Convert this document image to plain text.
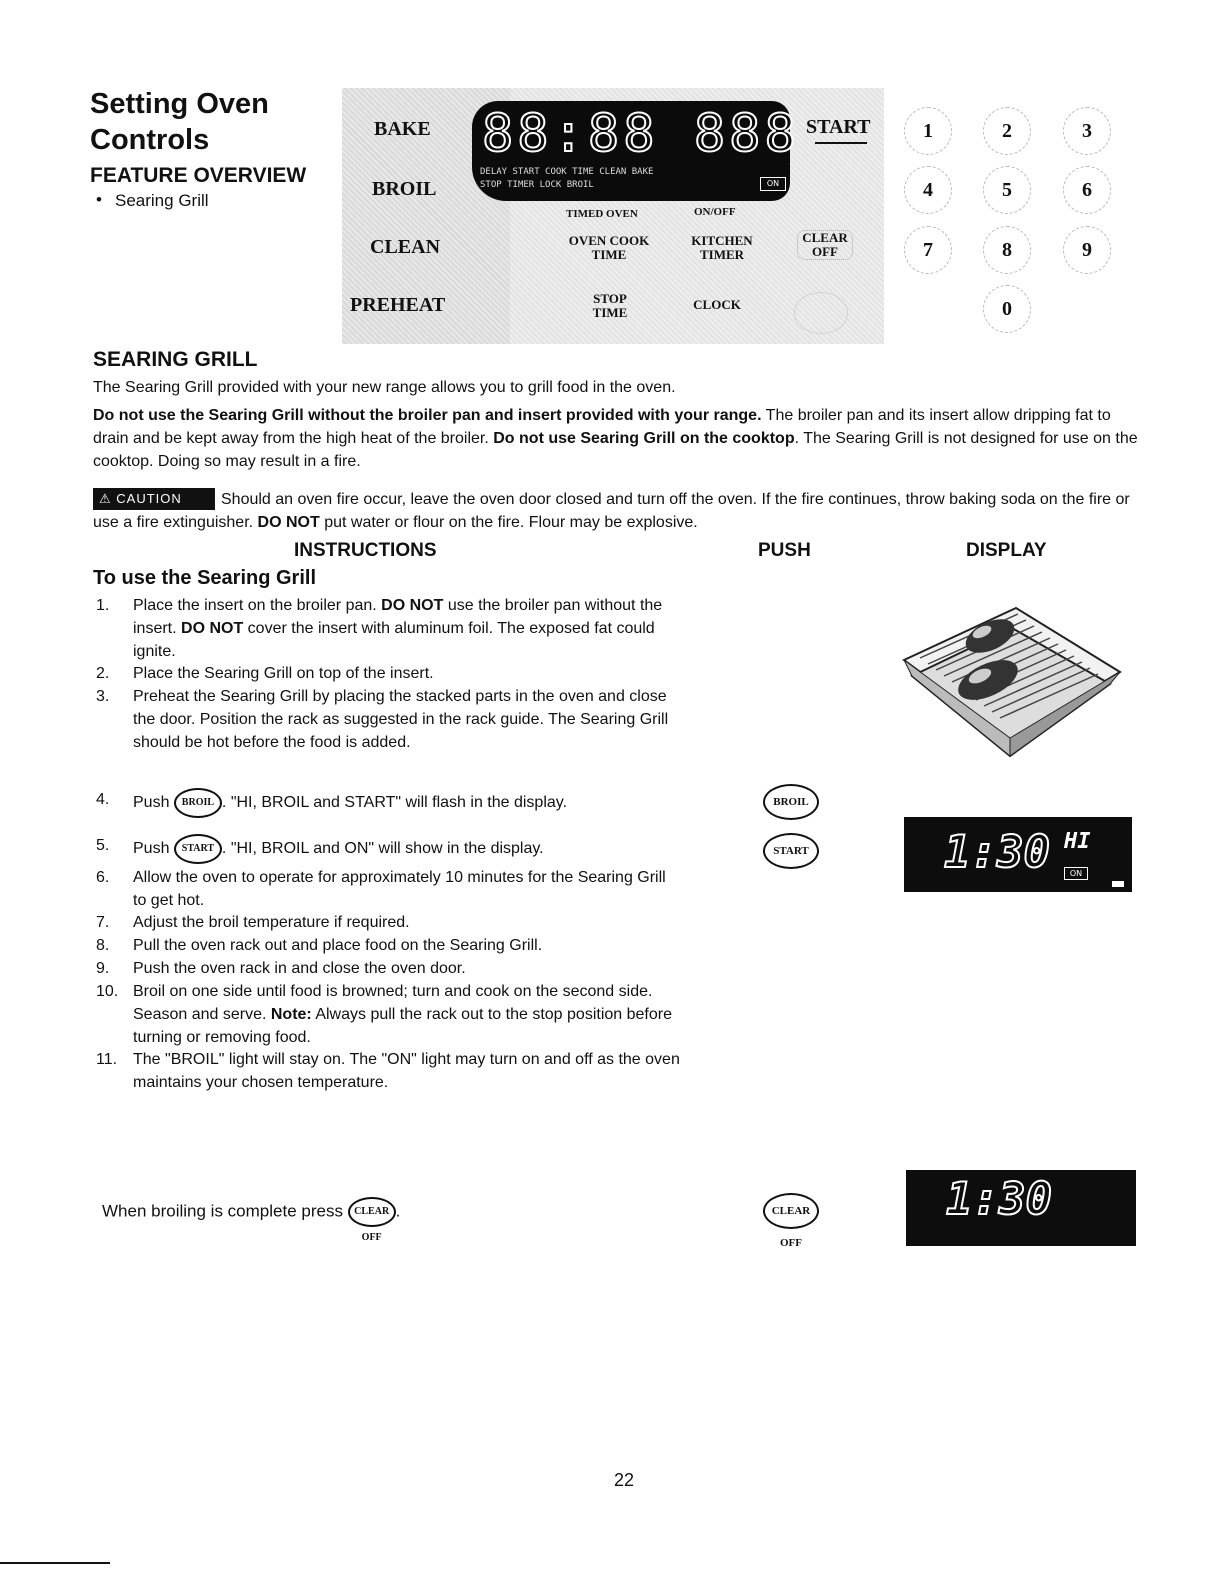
Setting Oven
Controls
FEATURE OVERVIEW
• Searing Grill
BAKE
BROIL
CLEAN
PREHEAT
88:88 888
DELAY START COOK TIME CLEAN BAKE
STOP TIMER LOCK BROIL	ON
START
TIMED OVEN	ON/OFF
OVEN COOK
TIME
KITCHEN
TIMER
CLEAR
OFF
STOP
TIME
CLOCK
1	2	3
4	5	6
7	8	9
0
SEARING GRILL
The Searing Grill provided with your new range allows you to grill food in the oven.
Do not use the Searing Grill without the broiler pan and insert provided with your range. The broiler pan and its insert allow dripping fat to drain and be kept away from the high heat of the broiler. Do not use Searing Grill on the cooktop. The Searing Grill is not designed for use on the cooktop. Doing so may result in a fire.
⚠ CAUTION	Should an oven fire occur, leave the oven door closed and turn off the oven. If the fire continues, throw baking soda on the fire or use a fire extinguisher. DO NOT put water or flour on the fire. Flour may be explosive.
INSTRUCTIONS	PUSH	DISPLAY
To use the Searing Grill
1.	Place the insert on the broiler pan. DO NOT use the broiler pan without the insert. DO NOT cover the insert with aluminum foil. The exposed fat could ignite.
2.	Place the Searing Grill on top of the insert.
3.	Preheat the Searing Grill by placing the stacked parts in the oven and close the door. Position the rack as suggested in the rack guide. The Searing Grill should be hot before the food is added.
4.	Push BROIL . "HI, BROIL and START" will flash in the display.
5.	Push START . "HI, BROIL and ON" will show in the display.
6.	Allow the oven to operate for approximately 10 minutes for the Searing Grill to get hot.
7.	Adjust the broil temperature if required.
8.	Pull the oven rack out and place food on the Searing Grill.
9.	Push the oven rack in and close the oven door.
10. Broil on one side until food is browned; turn and cook on the second side. Season and serve. Note: Always pull the rack out to the stop position before turning or removing food.
11. The "BROIL" light will stay on. The "ON" light may turn on and off as the oven maintains your chosen temperature.
When broiling is complete press CLEAR OFF.
BROIL
START
CLEAR OFF
1:30 HI
ON
1:30
22
